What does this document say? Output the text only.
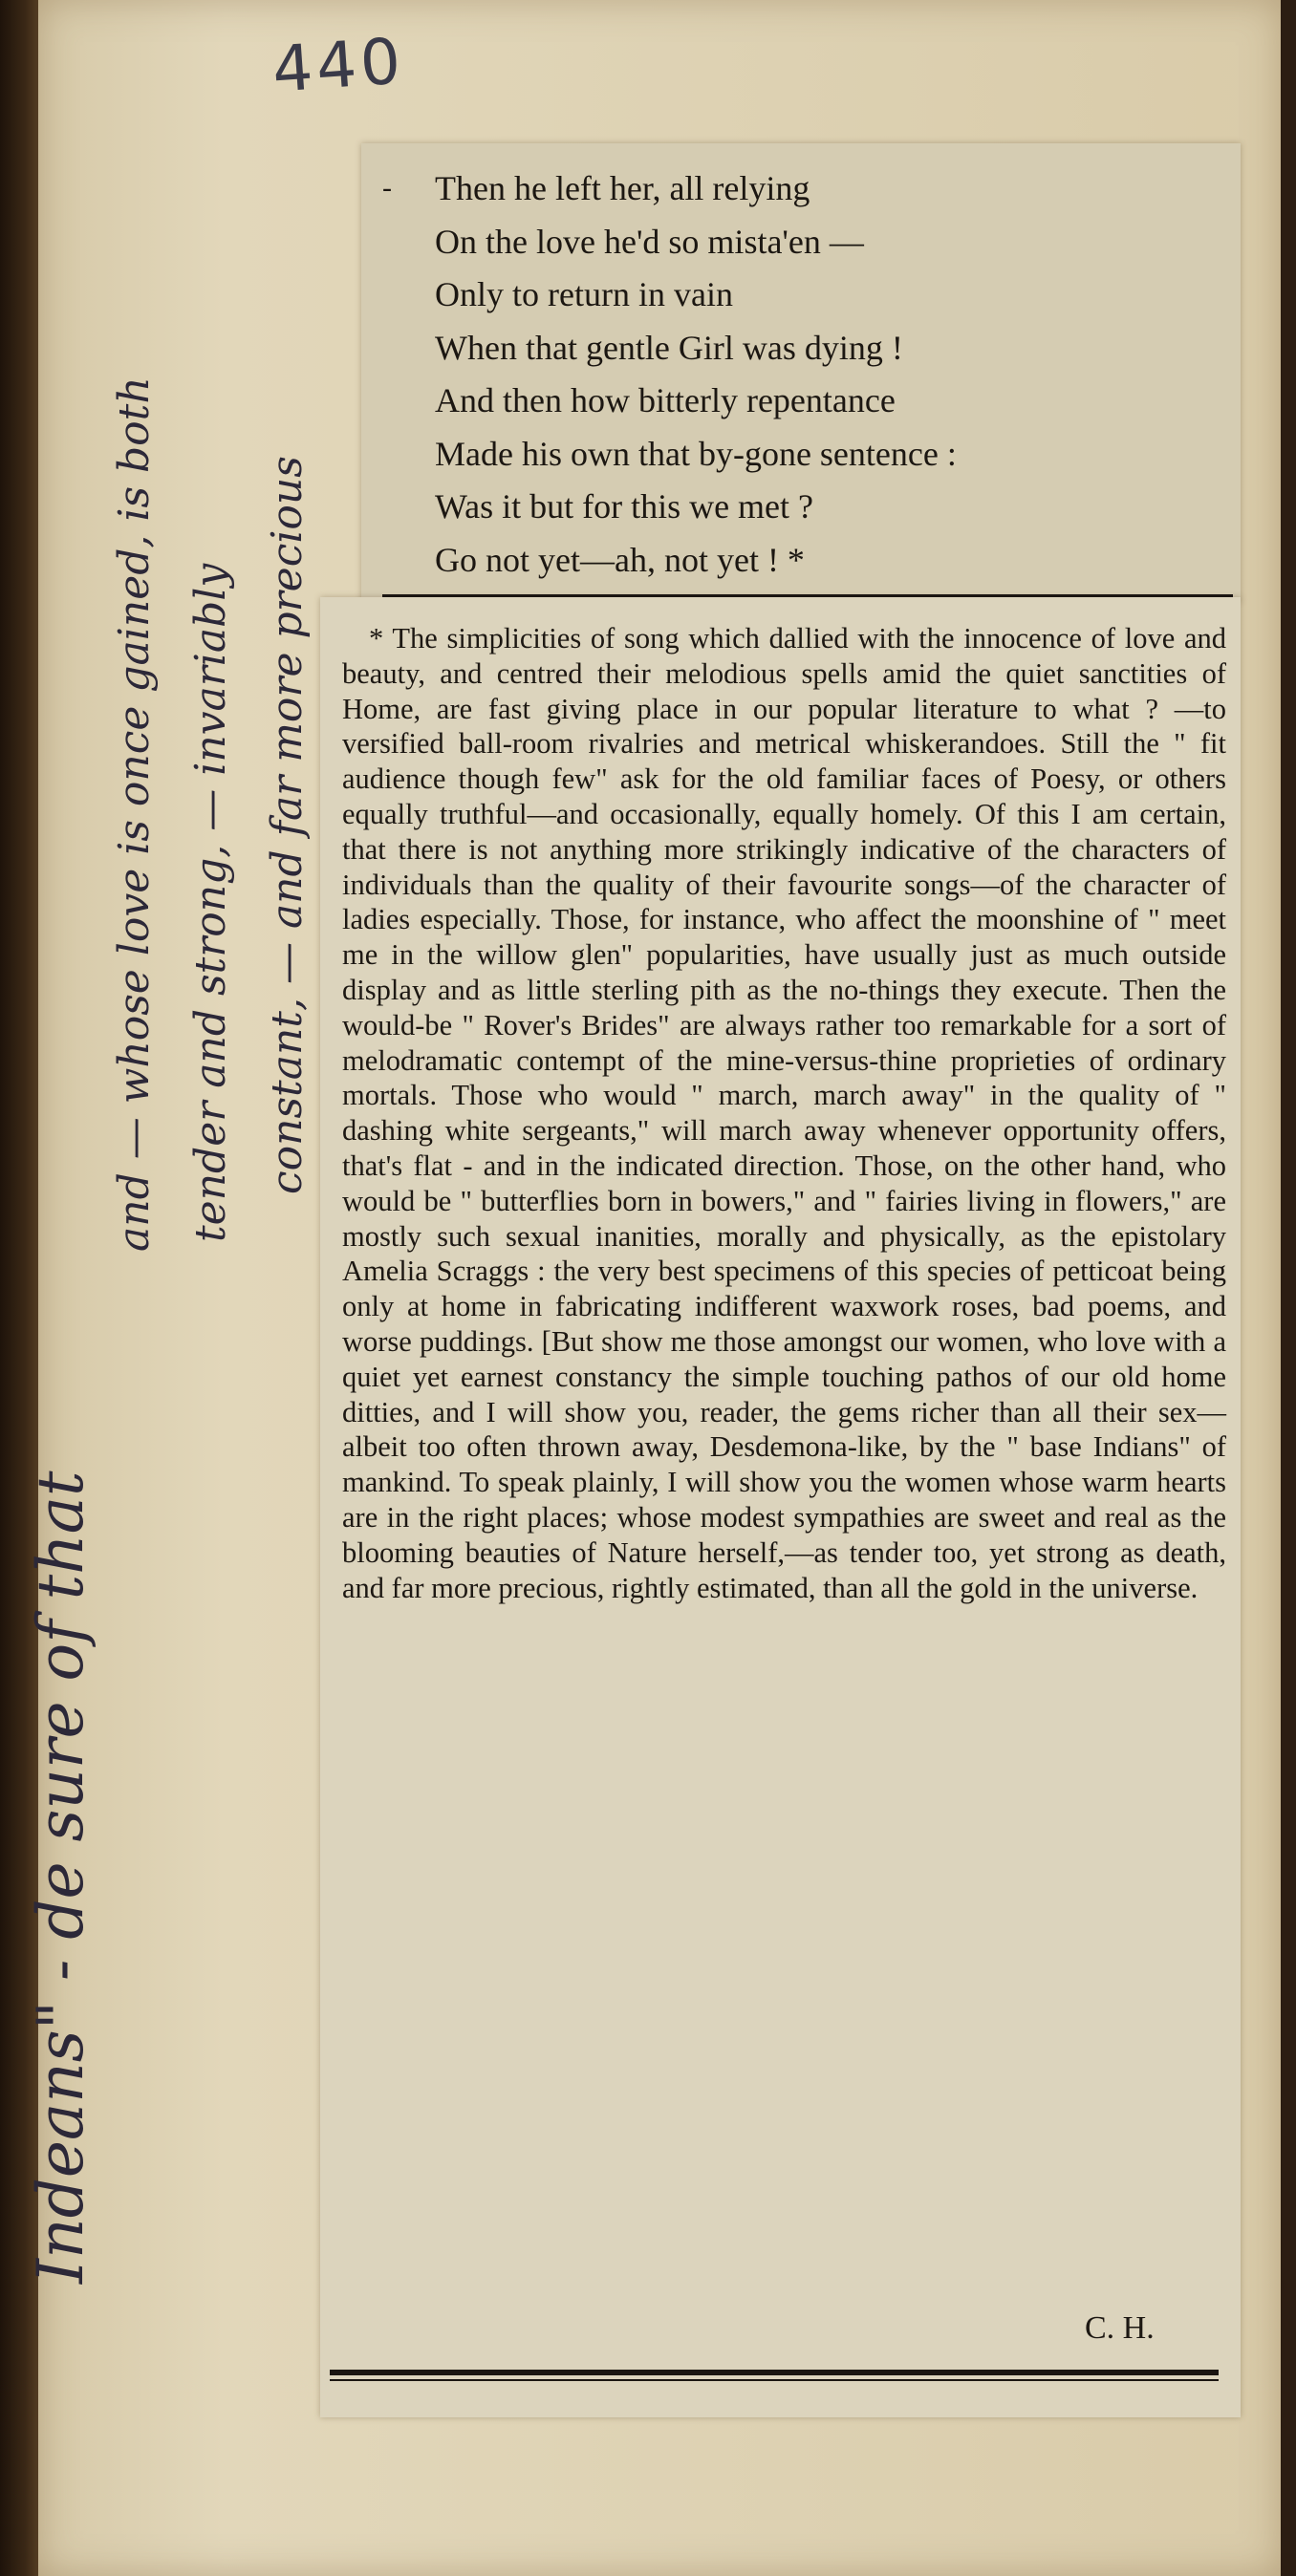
440
- Then he left her, all relying
On the love he'd so mista'en —
Only to return in vain
When that gentle Girl was dying !
And then how bitterly repentance
Made his own that by-gone sentence :
Was it but for this we met ?
Go not yet—ah, not yet ! *

* The simplicities of song which dallied with the innocence of love and beauty, and centred their melodious spells amid the quiet sanctities of Home, are fast giving place in our popular literature to what ? —to versified ball-room rivalries and metrical whiskerandoes. Still the " fit audience though few" ask for the old familiar faces of Poesy, or others equally truthful—and occasionally, equally homely. Of this I am certain, that there is not anything more strikingly indicative of the characters of individuals than the quality of their favourite songs—of the character of ladies especially. Those, for instance, who affect the moonshine of " meet me in the willow glen" popularities, have usually just as much outside display and as little sterling pith as the no-things they execute. Then the would-be " Rover's Brides" are always rather too remarkable for a sort of melodramatic contempt of the mine-versus-thine proprieties of ordinary mortals. Those who would " march, march away" in the quality of " dashing white sergeants," will march away whenever opportunity offers, that's flat - and in the indicated direction. Those, on the other hand, who would be " butterflies born in bowers," and " fairies living in flowers," are mostly such sexual inanities, morally and physically, as the epistolary Amelia Scraggs : the very best specimens of this species of petticoat being only at home in fabricating indifferent waxwork roses, bad poems, and worse puddings. [But show me those amongst our women, who love with a quiet yet earnest constancy the simple touching pathos of our old home ditties, and I will show you, reader, the gems richer than all their sex—albeit too often thrown away, Desdemona-like, by the " base Indians" of mankind. To speak plainly, I will show you the women whose warm hearts are in the right places; whose modest sympathies are sweet and real as the blooming beauties of Nature herself,—as tender too, yet strong as death, and far more precious, rightly estimated, than all the gold in the universe.

C. H.
Indeans" - de sure of that
and — whose love is once gained, is both tender and strong, — invariably constant, — and far more precious
